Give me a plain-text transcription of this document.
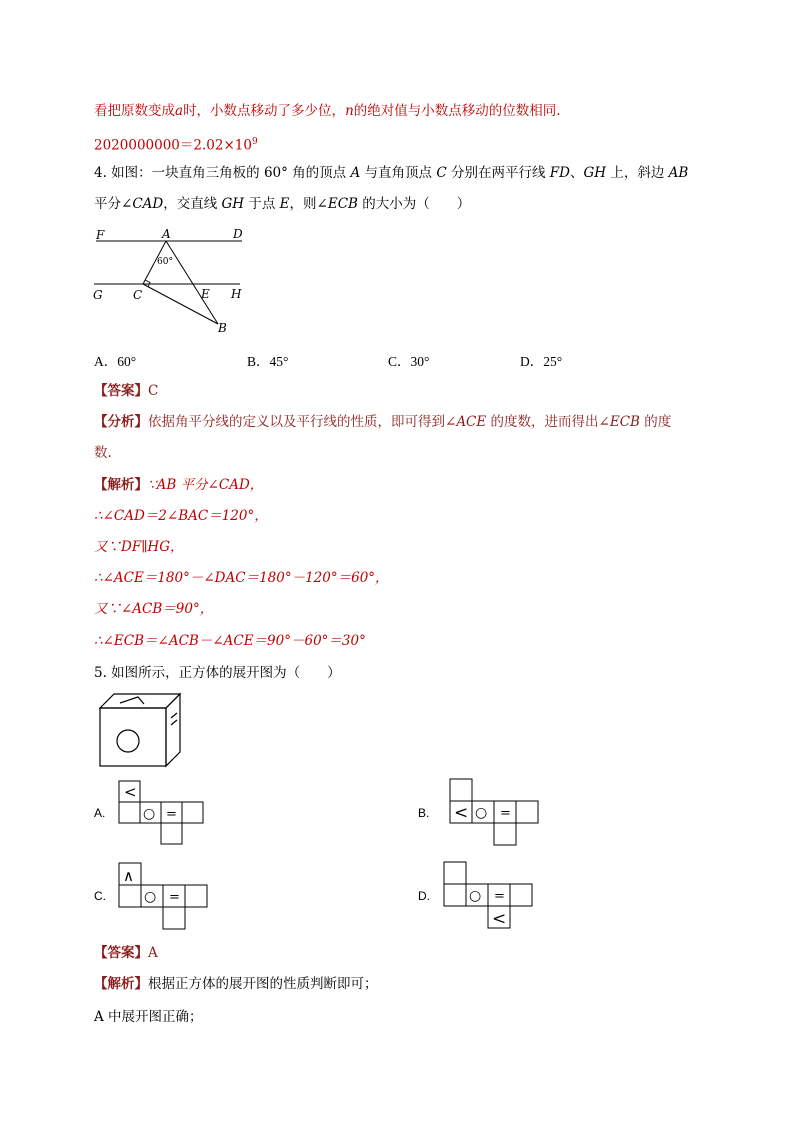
看把原数变成a时，小数点移动了多少位，n的绝对值与小数点移动的位数相同.
$2020000000=2.02\times 10^9$
4. 如图：一块直角三角板的 60° 角的顶点 A 与直角顶点 C 分别在两平行线 FD、GH 上，斜边 AB
平分∠CAD，交直线 GH 于点 E，则∠ECB 的大小为（　　）
F	A	D
60°
G	C	E H
B
A．60°	B．45°	C．30°	D．25°
【答案】C
【分析】依据角平分线的定义以及平行线的性质，即可得到∠ACE 的度数，进而得出∠ECB 的度
数.
【解析】∵AB 平分∠CAD，
∴∠CAD＝2∠BAC＝120°，
又∵DF∥HG，
∴∠ACE＝180°－∠DAC＝180°－120°＝60°，
又∵∠ACB＝90°，
∴∠ECB＝∠ACB－∠ACE＝90°－60°＝30°
5. 如图所示，正方体的展开图为（　　）
A.
<
○ =	B. < ○ =
C.
∧
○ =	D.	○ =
<
【答案】A
【解析】根据正方体的展开图的性质判断即可；
A 中展开图正确；
